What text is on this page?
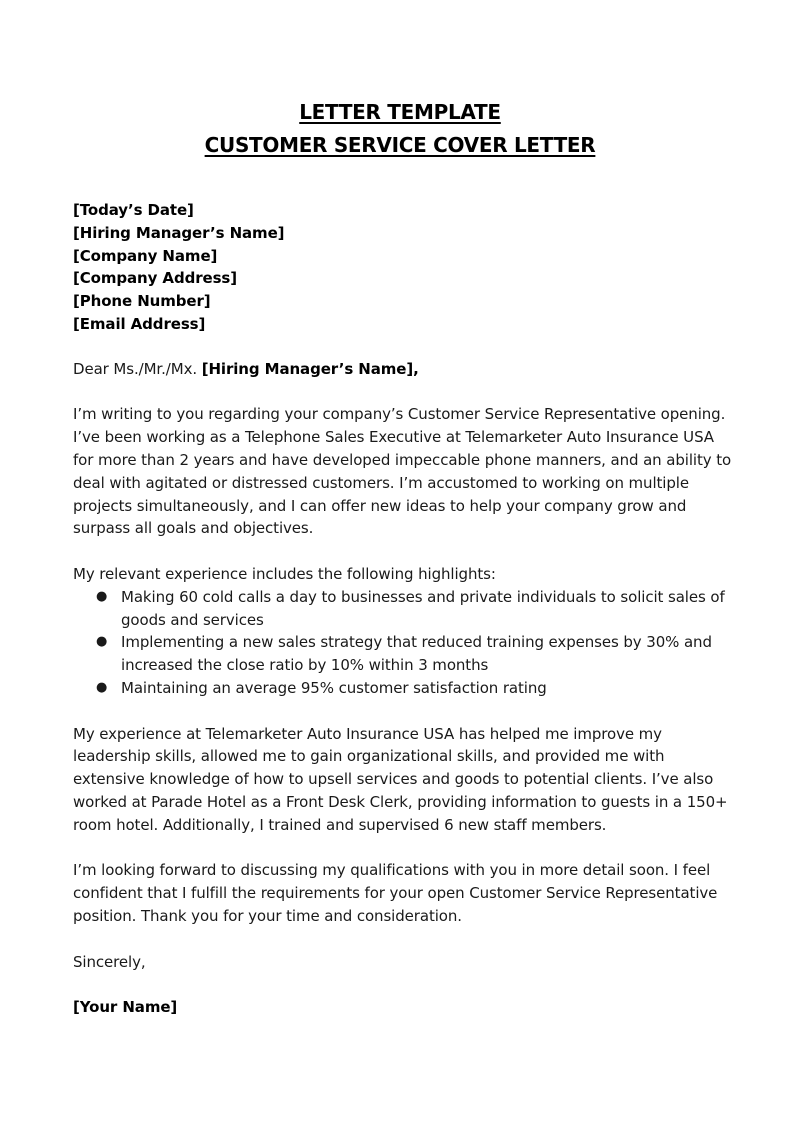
LETTER TEMPLATE
CUSTOMER SERVICE COVER LETTER
[Today’s Date]
[Hiring Manager’s Name]
[Company Name]
[Company Address]
[Phone Number]
[Email Address]

Dear Ms./Mr./Mx. [Hiring Manager’s Name],

I’m writing to you regarding your company’s Customer Service Representative opening. I’ve been working as a Telephone Sales Executive at Telemarketer Auto Insurance USA for more than 2 years and have developed impeccable phone manners, and an ability to deal with agitated or distressed customers. I’m accustomed to working on multiple projects simultaneously, and I can offer new ideas to help your company grow and surpass all goals and objectives.

My relevant experience includes the following highlights:

● Making 60 cold calls a day to businesses and private individuals to solicit sales of goods and services
● Implementing a new sales strategy that reduced training expenses by 30% and increased the close ratio by 10% within 3 months
● Maintaining an average 95% customer satisfaction rating

My experience at Telemarketer Auto Insurance USA has helped me improve my leadership skills, allowed me to gain organizational skills, and provided me with extensive knowledge of how to upsell services and goods to potential clients. I’ve also worked at Parade Hotel as a Front Desk Clerk, providing information to guests in a 150+ room hotel. Additionally, I trained and supervised 6 new staff members.

I’m looking forward to discussing my qualifications with you in more detail soon. I feel confident that I fulfill the requirements for your open Customer Service Representative position. Thank you for your time and consideration.

Sincerely,

[Your Name]
